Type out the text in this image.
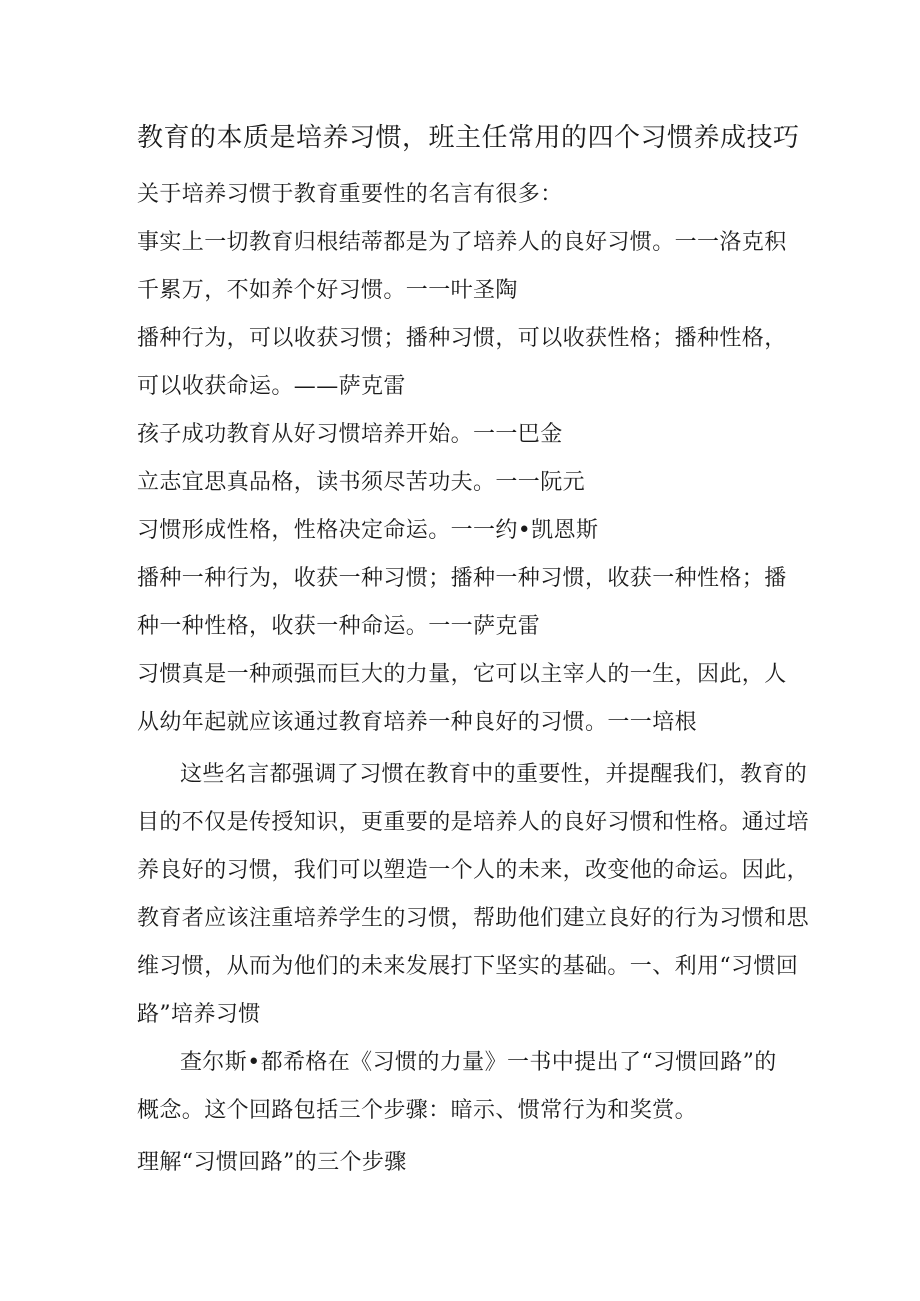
教育的本质是培养习惯，班主任常用的四个习惯养成技巧
关于培养习惯于教育重要性的名言有很多：
事实上一切教育归根结蒂都是为了培养人的良好习惯。一一洛克积
千累万，不如养个好习惯。一一叶圣陶
播种行为，可以收获习惯；播种习惯，可以收获性格；播种性格，
可以收获命运。——萨克雷
孩子成功教育从好习惯培养开始。一一巴金
立志宜思真品格，读书须尽苦功夫。一一阮元
习惯形成性格，性格决定命运。一一约•凯恩斯
播种一种行为，收获一种习惯；播种一种习惯，收获一种性格；播
种一种性格，收获一种命运。一一萨克雷
习惯真是一种顽强而巨大的力量，它可以主宰人的一生，因此，人
从幼年起就应该通过教育培养一种良好的习惯。一一培根
这些名言都强调了习惯在教育中的重要性，并提醒我们，教育的
目的不仅是传授知识，更重要的是培养人的良好习惯和性格。通过培
养良好的习惯，我们可以塑造一个人的未来，改变他的命运。因此，
教育者应该注重培养学生的习惯，帮助他们建立良好的行为习惯和思
维习惯，从而为他们的未来发展打下坚实的基础。一、利用“习惯回
路”培养习惯
查尔斯•都希格在《习惯的力量》一书中提出了“习惯回路”的
概念。这个回路包括三个步骤：暗示、惯常行为和奖赏。
理解“习惯回路”的三个步骤
